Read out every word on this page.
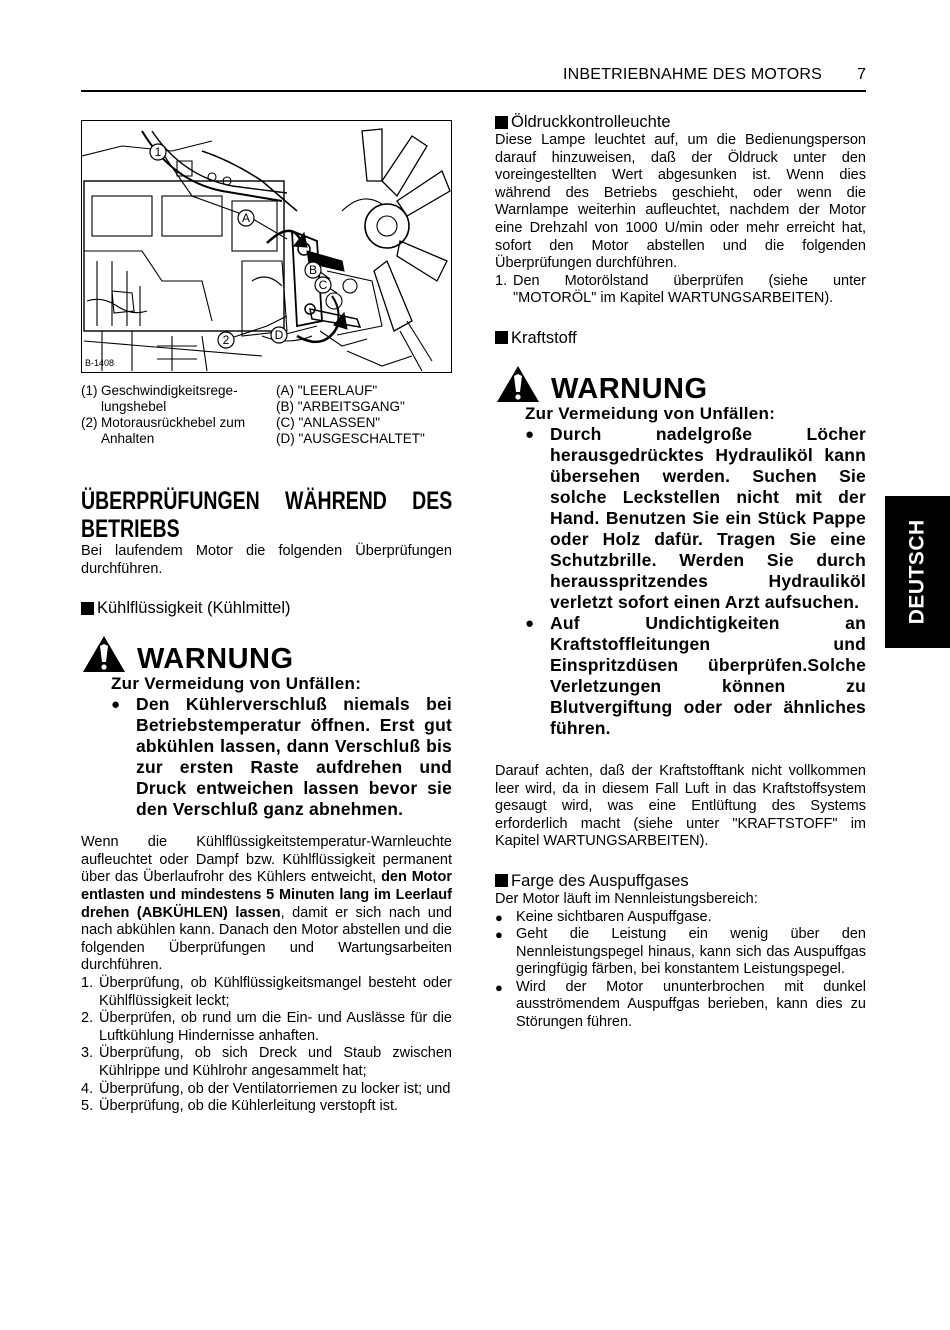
INBETRIEBNAHME DES MOTORS 7
DEUTSCH
1
2
A
B
C
D
B-1408
(1) Geschwindigkeitsrege-lungshebel
(2) Motorausrückhebel zum Anhalten
(A) "LEERLAUF"
(B) "ARBEITSGANG"
(C) "ANLASSEN"
(D) "AUSGESCHALTET"
ÜBERPRÜFUNGEN WÄHREND DES
BETRIEBS

Bei laufendem Motor die folgenden Überprüfungen durchführen.

Kühlflüssigkeit (Kühlmittel)
WARNUNG
Zur Vermeidung von Unfällen:
● Den Kühlerverschluß niemals bei Betriebstemperatur öffnen. Erst gut abkühlen lassen, dann Verschluß bis zur ersten Raste aufdrehen und Druck entweichen lassen bevor sie den Verschluß ganz abnehmen.

Wenn die Kühlflüssigkeitstemperatur-Warnleuchte aufleuchtet oder Dampf bzw. Kühlflüssigkeit permanent über das Überlaufrohr des Kühlers entweicht, den Motor entlasten und mindestens 5 Minuten lang im Leerlauf drehen (ABKÜHLEN) lassen, damit er sich nach und nach abkühlen kann. Danach den Motor abstellen und die folgenden Überprüfungen und Wartungsarbeiten durchführen.

1. Überprüfung, ob Kühlflüssigkeitsmangel besteht oder Kühlflüssigkeit leckt;
2. Überprüfen, ob rund um die Ein- und Auslässe für die Luftkühlung Hindernisse anhaften.
3. Überprüfung, ob sich Dreck und Staub zwischen Kühlrippe und Kühlrohr angesammelt hat;
4. Überprüfung, ob der Ventilatorriemen zu locker ist; und
5. Überprüfung, ob die Kühlerleitung verstopft ist.
Öldruckkontrolleuchte

Diese Lampe leuchtet auf, um die Bedienungsperson darauf hinzuweisen, daß der Öldruck unter den voreingestellten Wert abgesunken ist. Wenn dies während des Betriebs geschieht, oder wenn die Warnlampe weiterhin aufleuchtet, nachdem der Motor eine Drehzahl von 1000 U/min oder mehr erreicht hat, sofort den Motor abstellen und die folgenden Überprüfungen durchführen.

1. Den Motorölstand überprüfen (siehe unter "MOTORÖL" im Kapitel WARTUNGSARBEITEN).
Kraftstoff
WARNUNG
Zur Vermeidung von Unfällen:
● Durch nadelgroße Löcher herausgedrücktes Hydrauliköl kann übersehen werden. Suchen Sie solche Leckstellen nicht mit der Hand. Benutzen Sie ein Stück Pappe oder Holz dafür. Tragen Sie eine Schutzbrille. Werden Sie durch herausspritzendes Hydrauliköl verletzt sofort einen Arzt aufsuchen.
● Auf Undichtigkeiten an Kraftstoffleitungen und Einspritzdüsen überprüfen.Solche Verletzungen können zu Blutvergiftung oder oder ähnliches führen.

Darauf achten, daß der Kraftstofftank nicht vollkommen leer wird, da in diesem Fall Luft in das Kraftstoffsystem gesaugt wird, was eine Entlüftung des Systems erforderlich macht (siehe unter "KRAFTSTOFF" im Kapitel WARTUNGSARBEITEN).

Farge des Auspuffgases

Der Motor läuft im Nennleistungsbereich:

● Keine sichtbaren Auspuffgase.
● Geht die Leistung ein wenig über den Nennleistungspegel hinaus, kann sich das Auspuffgas geringfügig färben, bei konstantem Leistungspegel.
● Wird der Motor ununterbrochen mit dunkel ausströmendem Auspuffgas berieben, kann dies zu Störungen führen.
